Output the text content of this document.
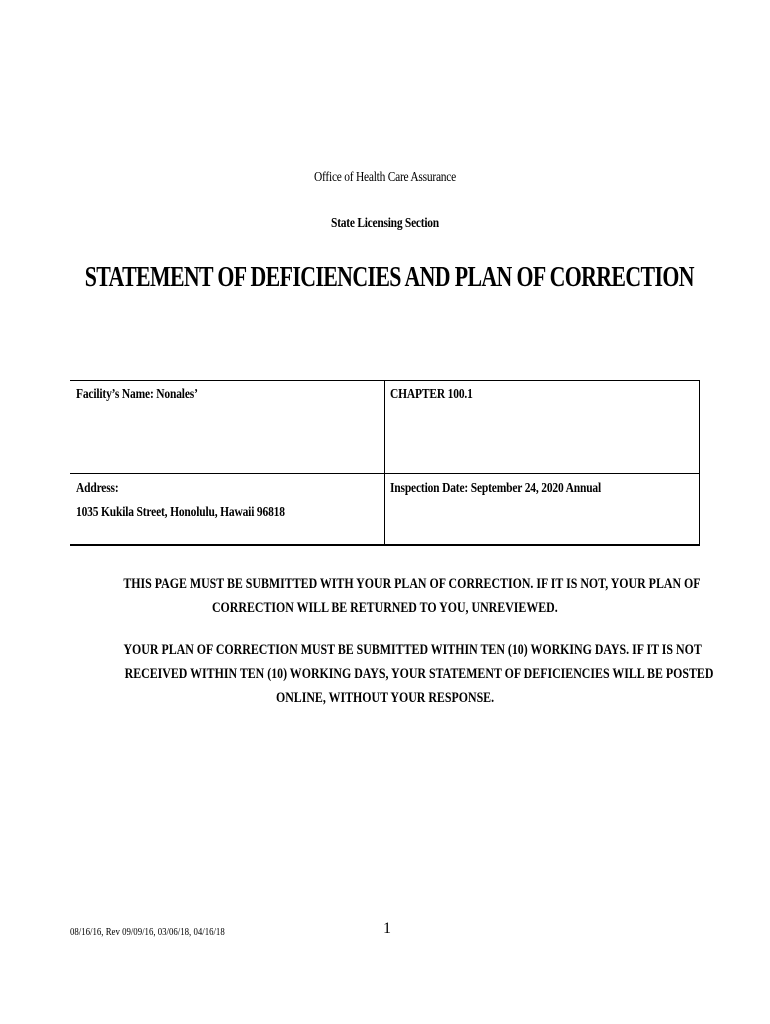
Office of Health Care Assurance
State Licensing Section
STATEMENT OF DEFICIENCIES AND PLAN OF CORRECTION
Facility’s Name: Nonales’	CHAPTER 100.1
Address:
1035 Kukila Street, Honolulu, Hawaii 96818
Inspection Date: September 24, 2020 Annual
THIS PAGE MUST BE SUBMITTED WITH YOUR PLAN OF CORRECTION. IF IT IS NOT, YOUR PLAN OF
CORRECTION WILL BE RETURNED TO YOU, UNREVIEWED.
YOUR PLAN OF CORRECTION MUST BE SUBMITTED WITHIN TEN (10) WORKING DAYS. IF IT IS NOT
RECEIVED WITHIN TEN (10) WORKING DAYS, YOUR STATEMENT OF DEFICIENCIES WILL BE POSTED
ONLINE, WITHOUT YOUR RESPONSE.
08/16/16, Rev 09/09/16, 03/06/18, 04/16/18	1
